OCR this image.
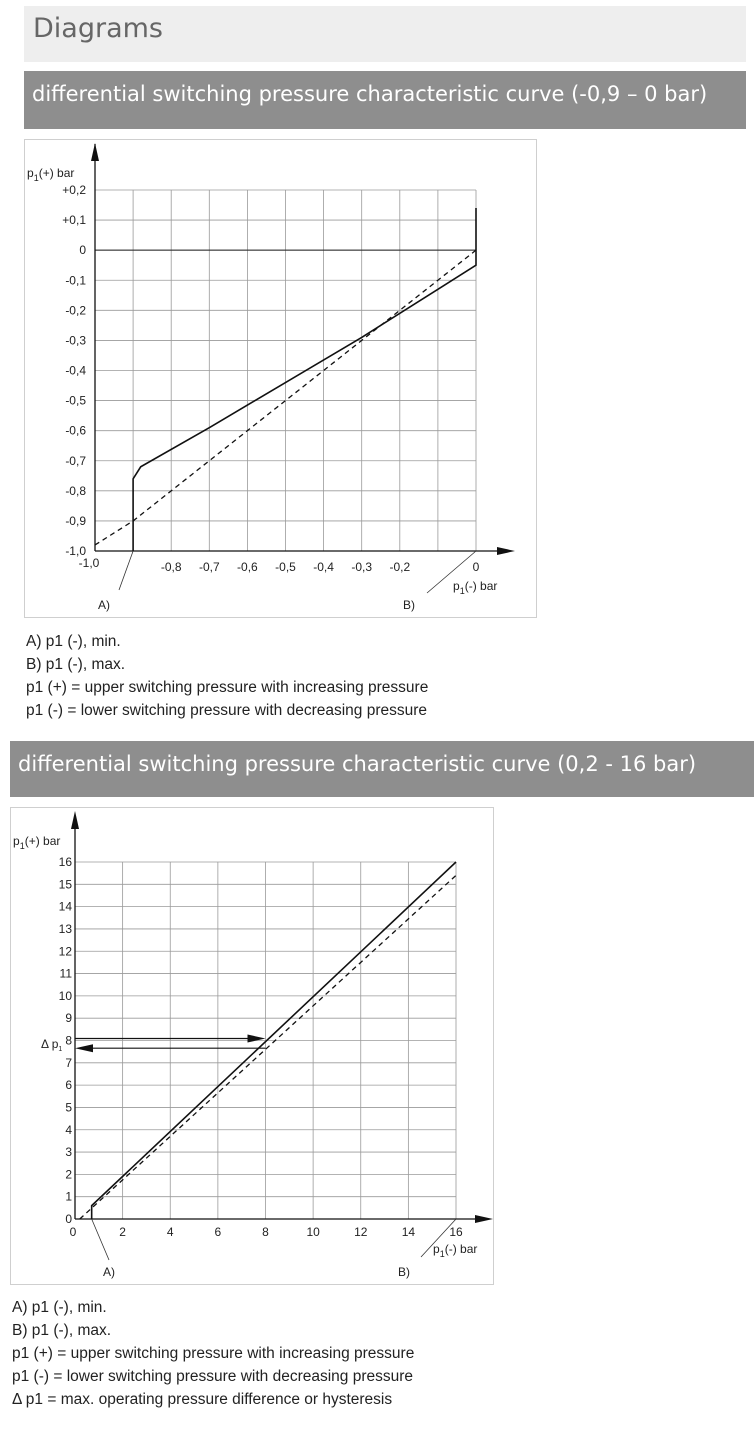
Diagrams
differential switching pressure characteristic curve (-0,9 – 0 bar)
+0,2
+0,1
0
-0,1
-0,2
-0,3
-0,4
-0,5
-0,6
-0,7
-0,8
-0,9
-1,0
-1,0	-0,8 -0,7 -0,6 -0,5 -0,4 -0,3 -0,2	0
$p_1(+)$ bar
$p_1(-)$ bar
A)	B)
A) p1 (-), min.
B) p1 (-), max.
p1 (+) = upper switching pressure with increasing pressure
p1 (-) = lower switching pressure with decreasing pressure
differential switching pressure characteristic curve (0,2 - 16 bar)
0
1
2
3
4
5
6
7
8
9
10
11
12
13
14
15
16
0	2	4	6	8	10	12	14	16
$p_1(+)$ bar
$p_1(-)$ bar
Δ $p_1$
A)	B)
A) p1 (-), min.
B) p1 (-), max.
p1 (+) = upper switching pressure with increasing pressure
p1 (-) = lower switching pressure with decreasing pressure
Δ p1 = max. operating pressure difference or hysteresis
